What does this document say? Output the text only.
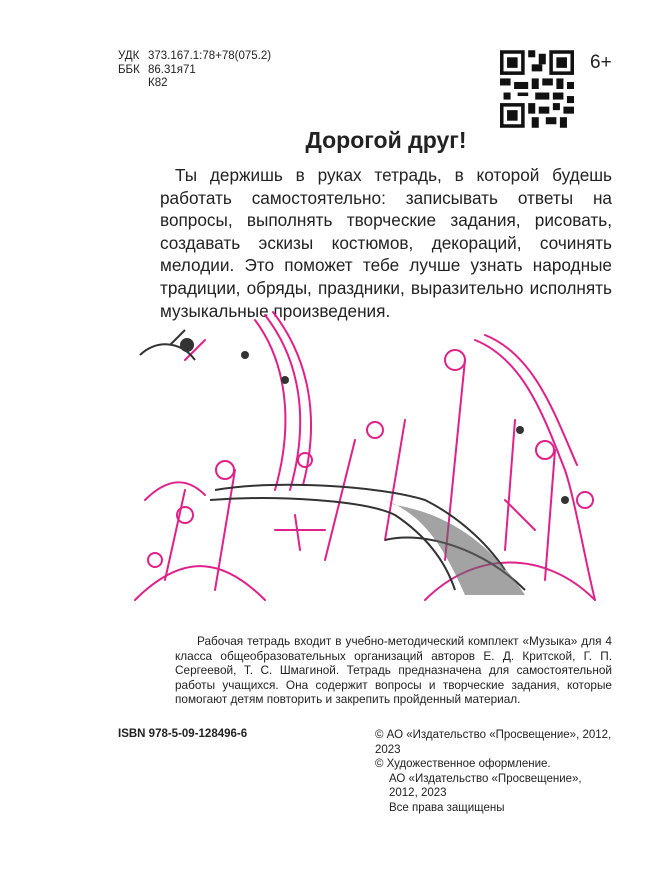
УДК 373.167.1:78+78(075.2)
ББК 86.31я71
К82
6+
Дорогой друг!

Ты держишь в руках тетрадь, в которой будешь работать самостоятельно: записывать ответы на вопросы, выполнять творческие задания, рисовать, создавать эскизы костюмов, декораций, сочинять мелодии. Это поможет тебе лучше узнать народные традиции, обряды, праздники, выразительно исполнять музыкальные произведения.

Рабочая тетрадь входит в учебно-методический комплект «Музыка» для 4 класса общеобразовательных организаций авторов Е. Д. Критской, Г. П. Сергеевой, Т. С. Шмагиной. Тетрадь предназначена для самостоятельной работы учащихся. Она содержит вопросы и творческие задания, которые помогают детям повторить и закрепить пройденный материал.

ISBN 978-5-09-128496-6	© АО «Издательство «Просвещение», 2012, 2023
© Художественное оформление.
АО «Издательство «Просвещение», 2012, 2023
Все права защищены
